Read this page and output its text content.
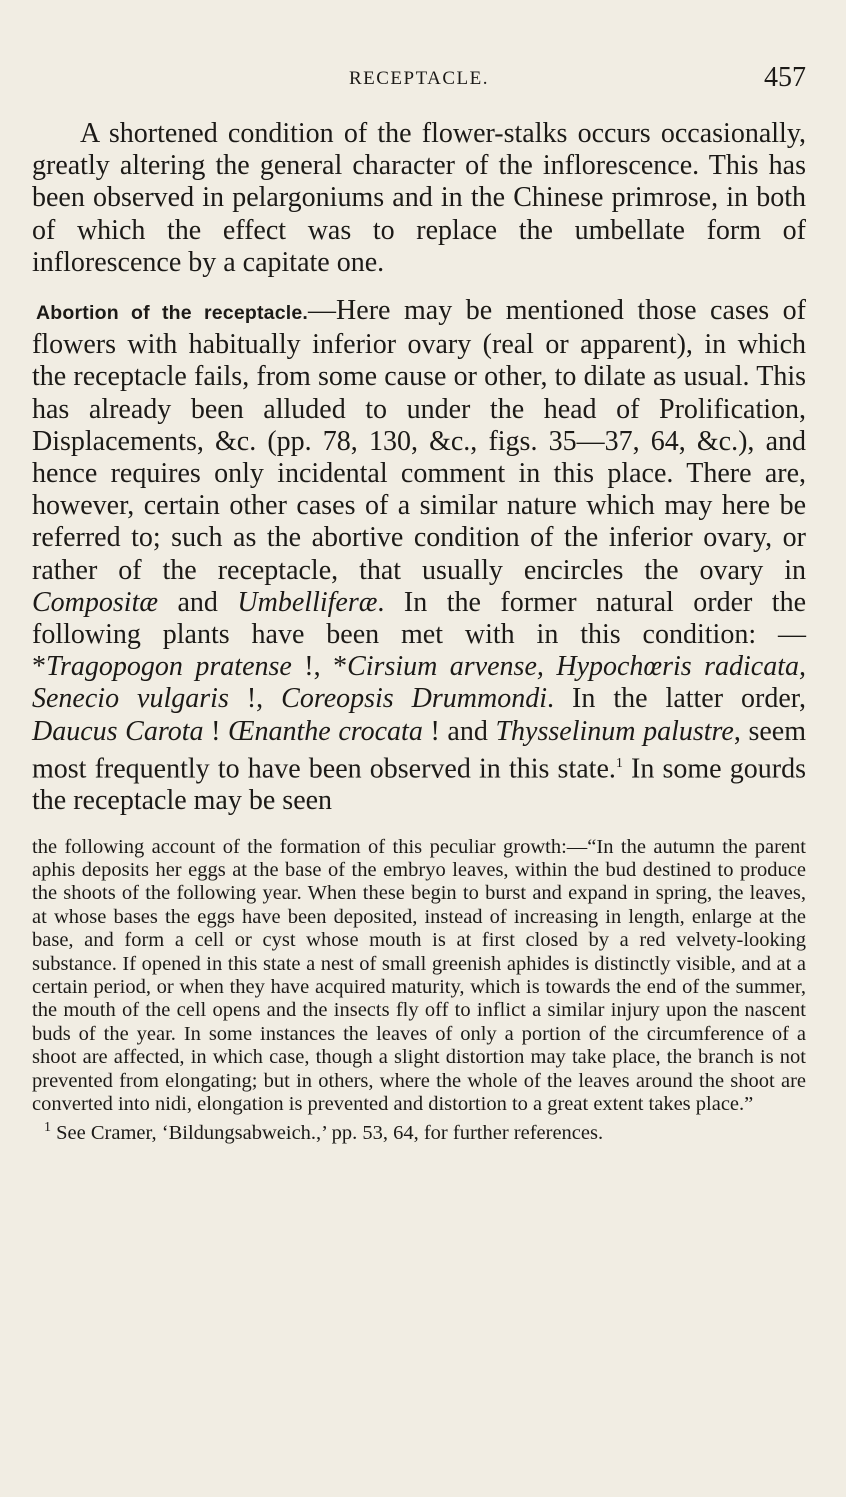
RECEPTACLE.	457

A shortened condition of the flower-stalks occurs occasionally, greatly altering the general character of the inflorescence. This has been observed in pelargoniums and in the Chinese primrose, in both of which the effect was to replace the umbellate form of inflorescence by a capitate one.

Abortion of the receptacle.—Here may be mentioned those cases of flowers with habitually inferior ovary (real or apparent), in which the receptacle fails, from some cause or other, to dilate as usual. This has already been alluded to under the head of Prolification, Displacements, &c. (pp. 78, 130, &c., figs. 35—37, 64, &c.), and hence requires only incidental comment in this place. There are, however, certain other cases of a similar nature which may here be referred to; such as the abortive condition of the inferior ovary, or rather of the receptacle, that usually encircles the ovary in Compositæ and Umbelliferæ. In the former natural order the following plants have been met with in this condition: — *Tragopogon pratense !, *Cirsium arvense, Hypochœris radicata, Senecio vulgaris !, Coreopsis Drummondi. In the latter order, Daucus Carota ! Œnanthe crocata ! and Thysselinum palustre, seem most frequently to have been observed in this state.$^1$ In some gourds the receptacle may be seen

the following account of the formation of this peculiar growth:—“In the autumn the parent aphis deposits her eggs at the base of the embryo leaves, within the bud destined to produce the shoots of the following year. When these begin to burst and expand in spring, the leaves, at whose bases the eggs have been deposited, instead of increasing in length, enlarge at the base, and form a cell or cyst whose mouth is at first closed by a red velvety-looking substance. If opened in this state a nest of small greenish aphides is distinctly visible, and at a certain period, or when they have acquired maturity, which is towards the end of the summer, the mouth of the cell opens and the insects fly off to inflict a similar injury upon the nascent buds of the year. In some instances the leaves of only a portion of the circumference of a shoot are affected, in which case, though a slight distortion may take place, the branch is not prevented from elongating; but in others, where the whole of the leaves around the shoot are converted into nidi, elongation is prevented and distortion to a great extent takes place.”

$^1$ See Cramer, ‘Bildungsabweich.,’ pp. 53, 64, for further references.
